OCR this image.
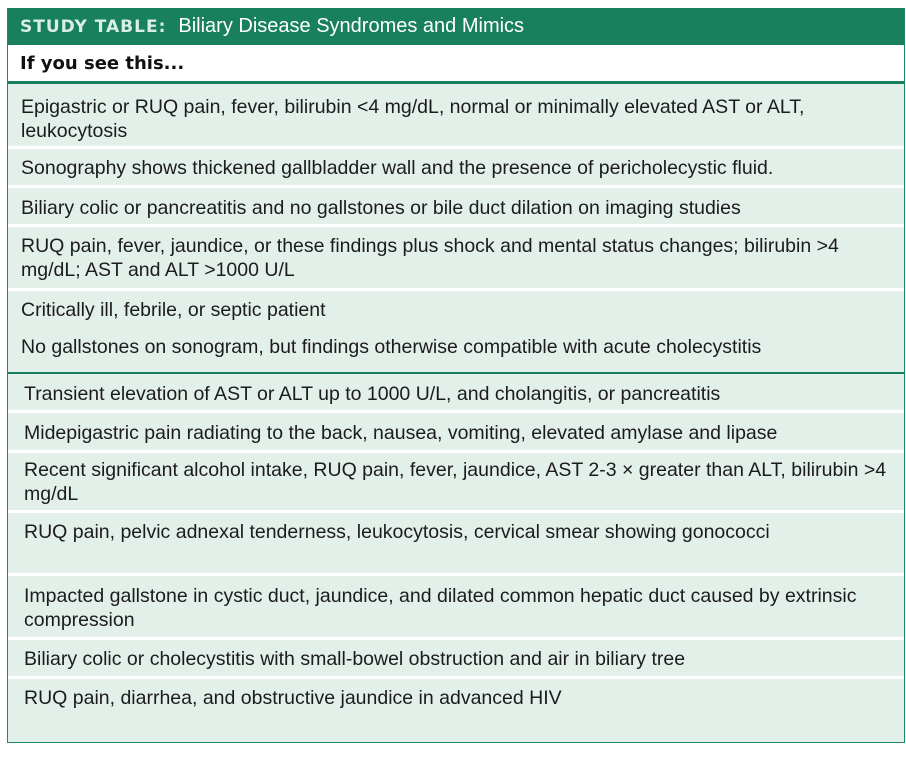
STUDY TABLE: Biliary Disease Syndromes and Mimics
If you see this...
Epigastric or RUQ pain, fever, bilirubin <4 mg/dL, normal or minimally elevated AST or ALT, leukocytosis
Sonography shows thickened gallbladder wall and the presence of pericholecystic fluid.
Biliary colic or pancreatitis and no gallstones or bile duct dilation on imaging studies
RUQ pain, fever, jaundice, or these findings plus shock and mental status changes; bilirubin >4 mg/dL; AST and ALT >1000 U/L
Critically ill, febrile, or septic patient
No gallstones on sonogram, but findings otherwise compatible with acute cholecystitis
Transient elevation of AST or ALT up to 1000 U/L, and cholangitis, or pancreatitis
Midepigastric pain radiating to the back, nausea, vomiting, elevated amylase and lipase
Recent significant alcohol intake, RUQ pain, fever, jaundice, AST 2-3 × greater than ALT, bilirubin >4 mg/dL
RUQ pain, pelvic adnexal tenderness, leukocytosis, cervical smear showing gonococci
Impacted gallstone in cystic duct, jaundice, and dilated common hepatic duct caused by extrinsic compression
Biliary colic or cholecystitis with small-bowel obstruction and air in biliary tree
RUQ pain, diarrhea, and obstructive jaundice in advanced HIV
